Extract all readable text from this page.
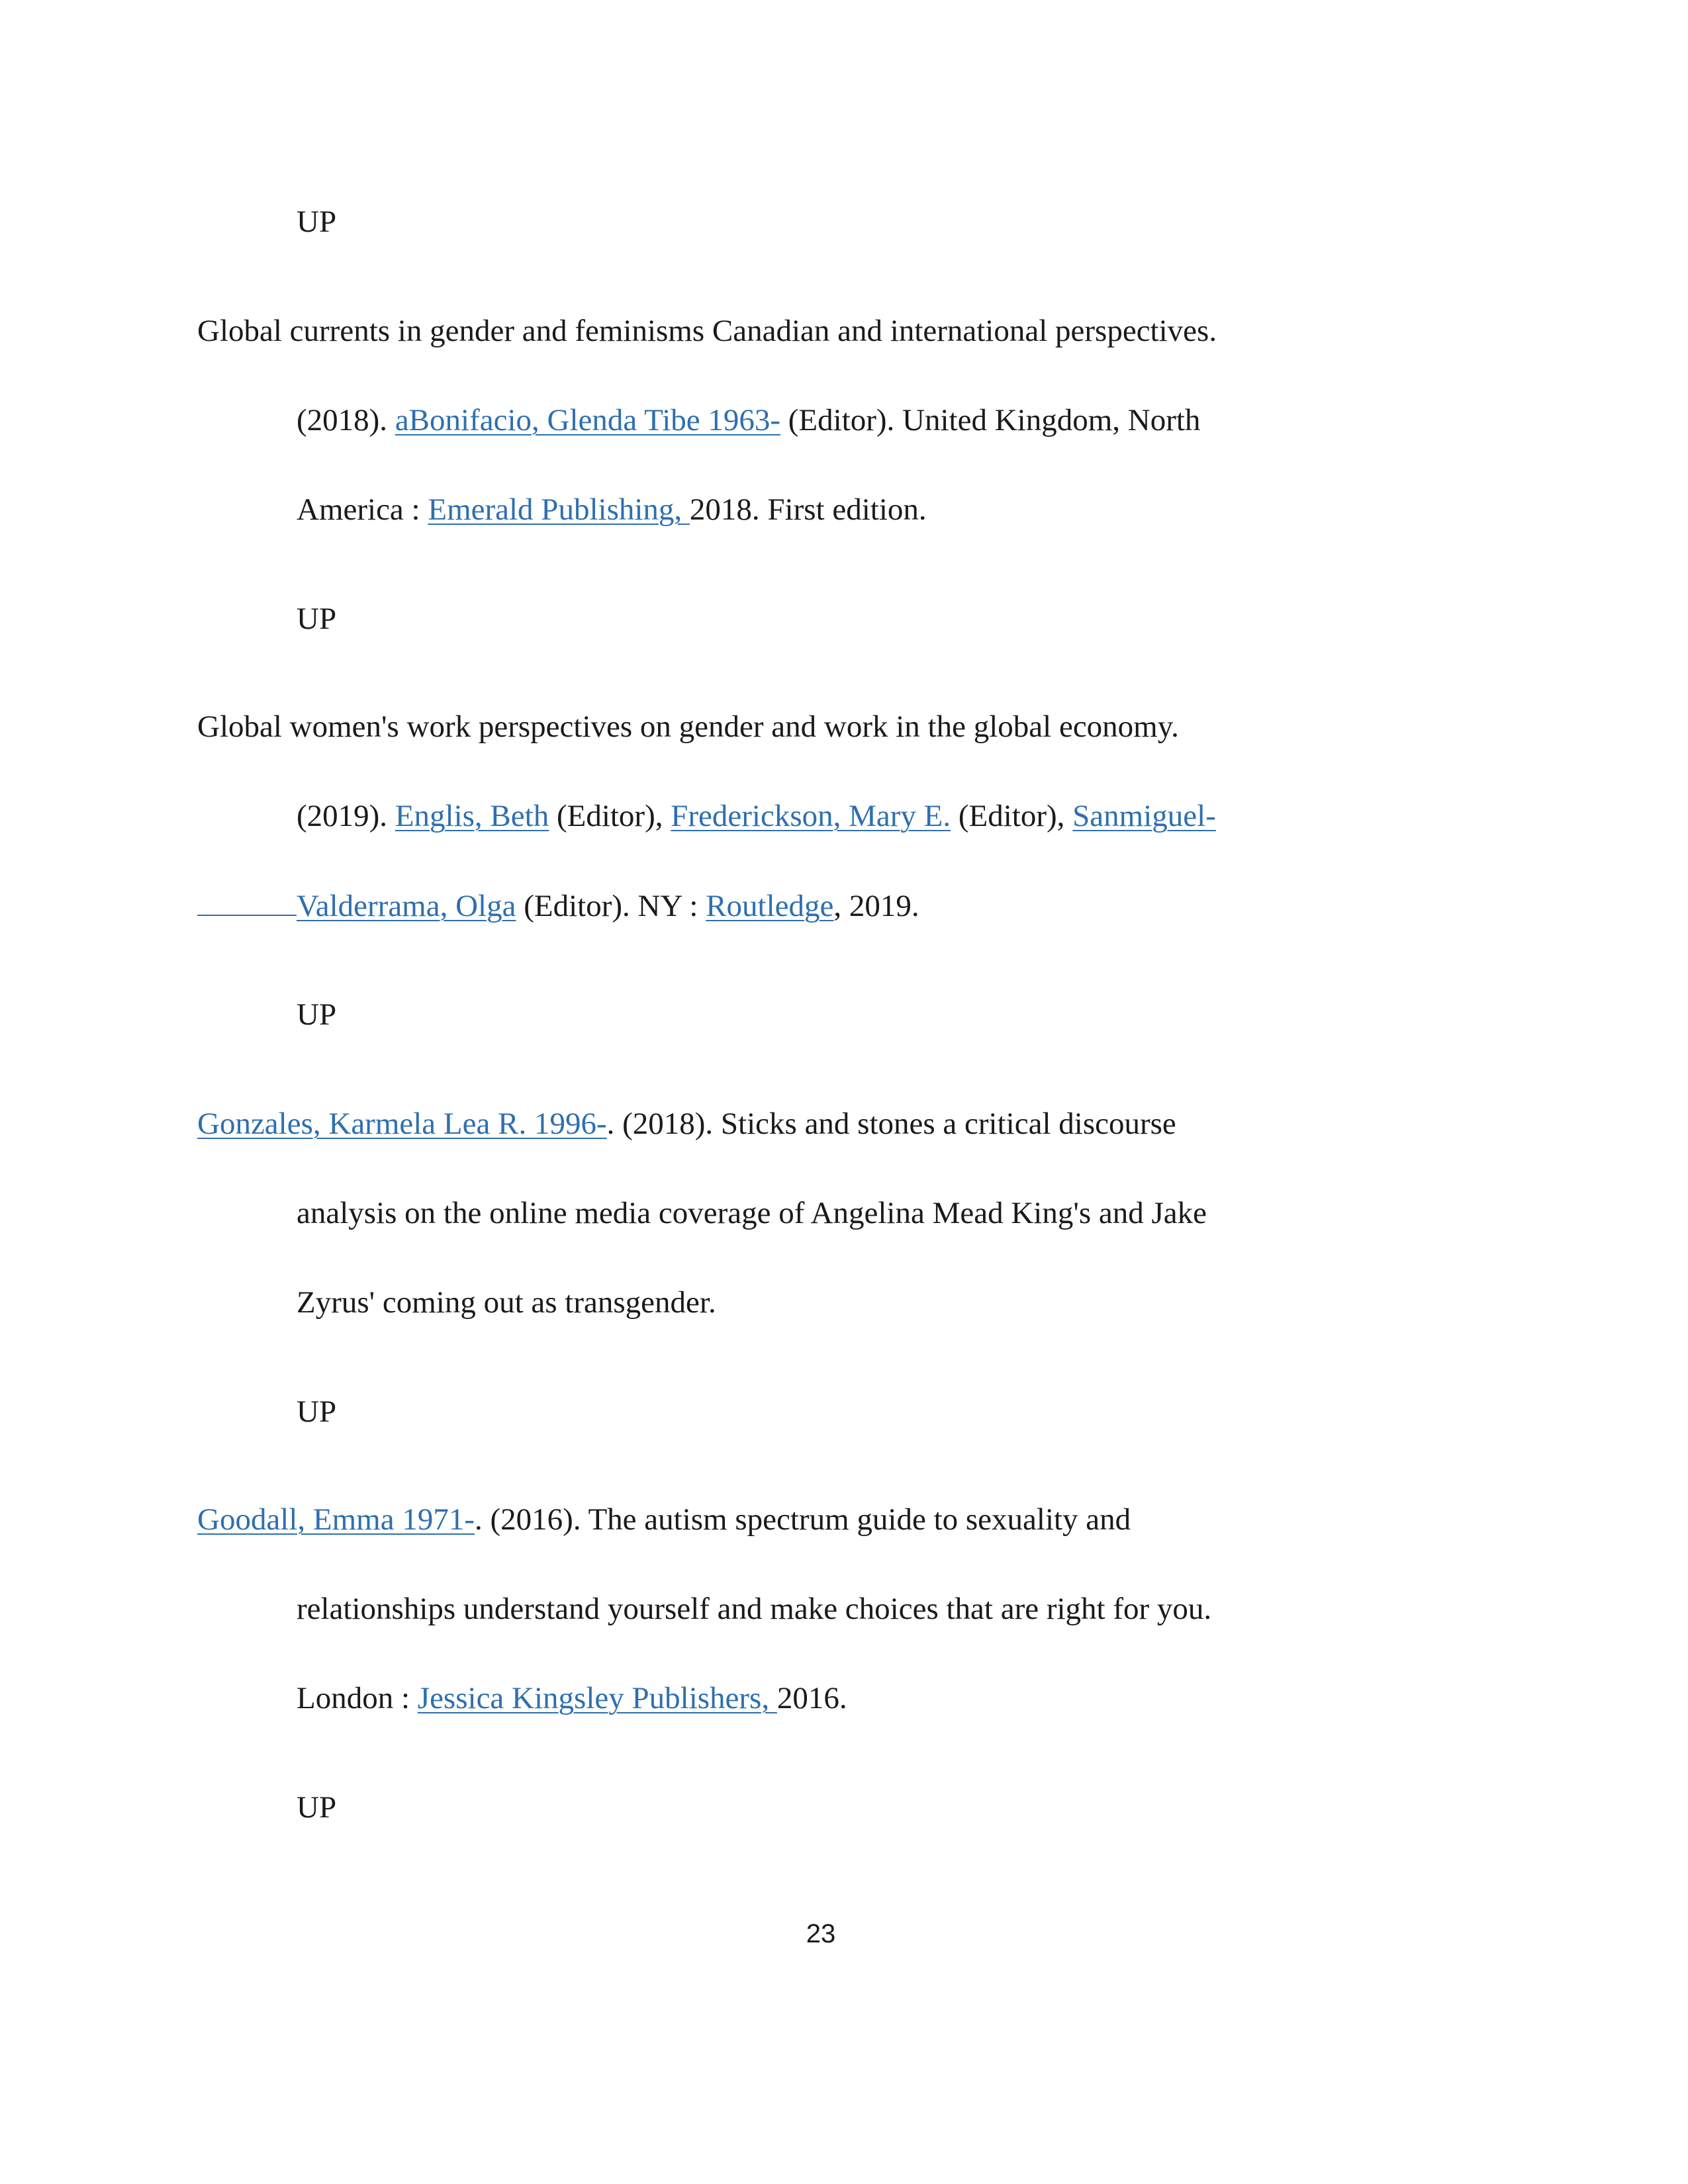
UP
Global currents in gender and feminisms Canadian and international perspectives.
(2018). aBonifacio, Glenda Tibe 1963- (Editor). United Kingdom, North
America : Emerald Publishing, 2018. First edition.
UP
Global women's work perspectives on gender and work in the global economy.
(2019). Englis, Beth (Editor), Frederickson, Mary E. (Editor), Sanmiguel-
Valderrama, Olga (Editor). NY : Routledge, 2019.
UP
Gonzales, Karmela Lea R. 1996-. (2018). Sticks and stones a critical discourse
analysis on the online media coverage of Angelina Mead King's and Jake
Zyrus' coming out as transgender.
UP
Goodall, Emma 1971-. (2016). The autism spectrum guide to sexuality and
relationships understand yourself and make choices that are right for you.
London : Jessica Kingsley Publishers, 2016.
UP
23
